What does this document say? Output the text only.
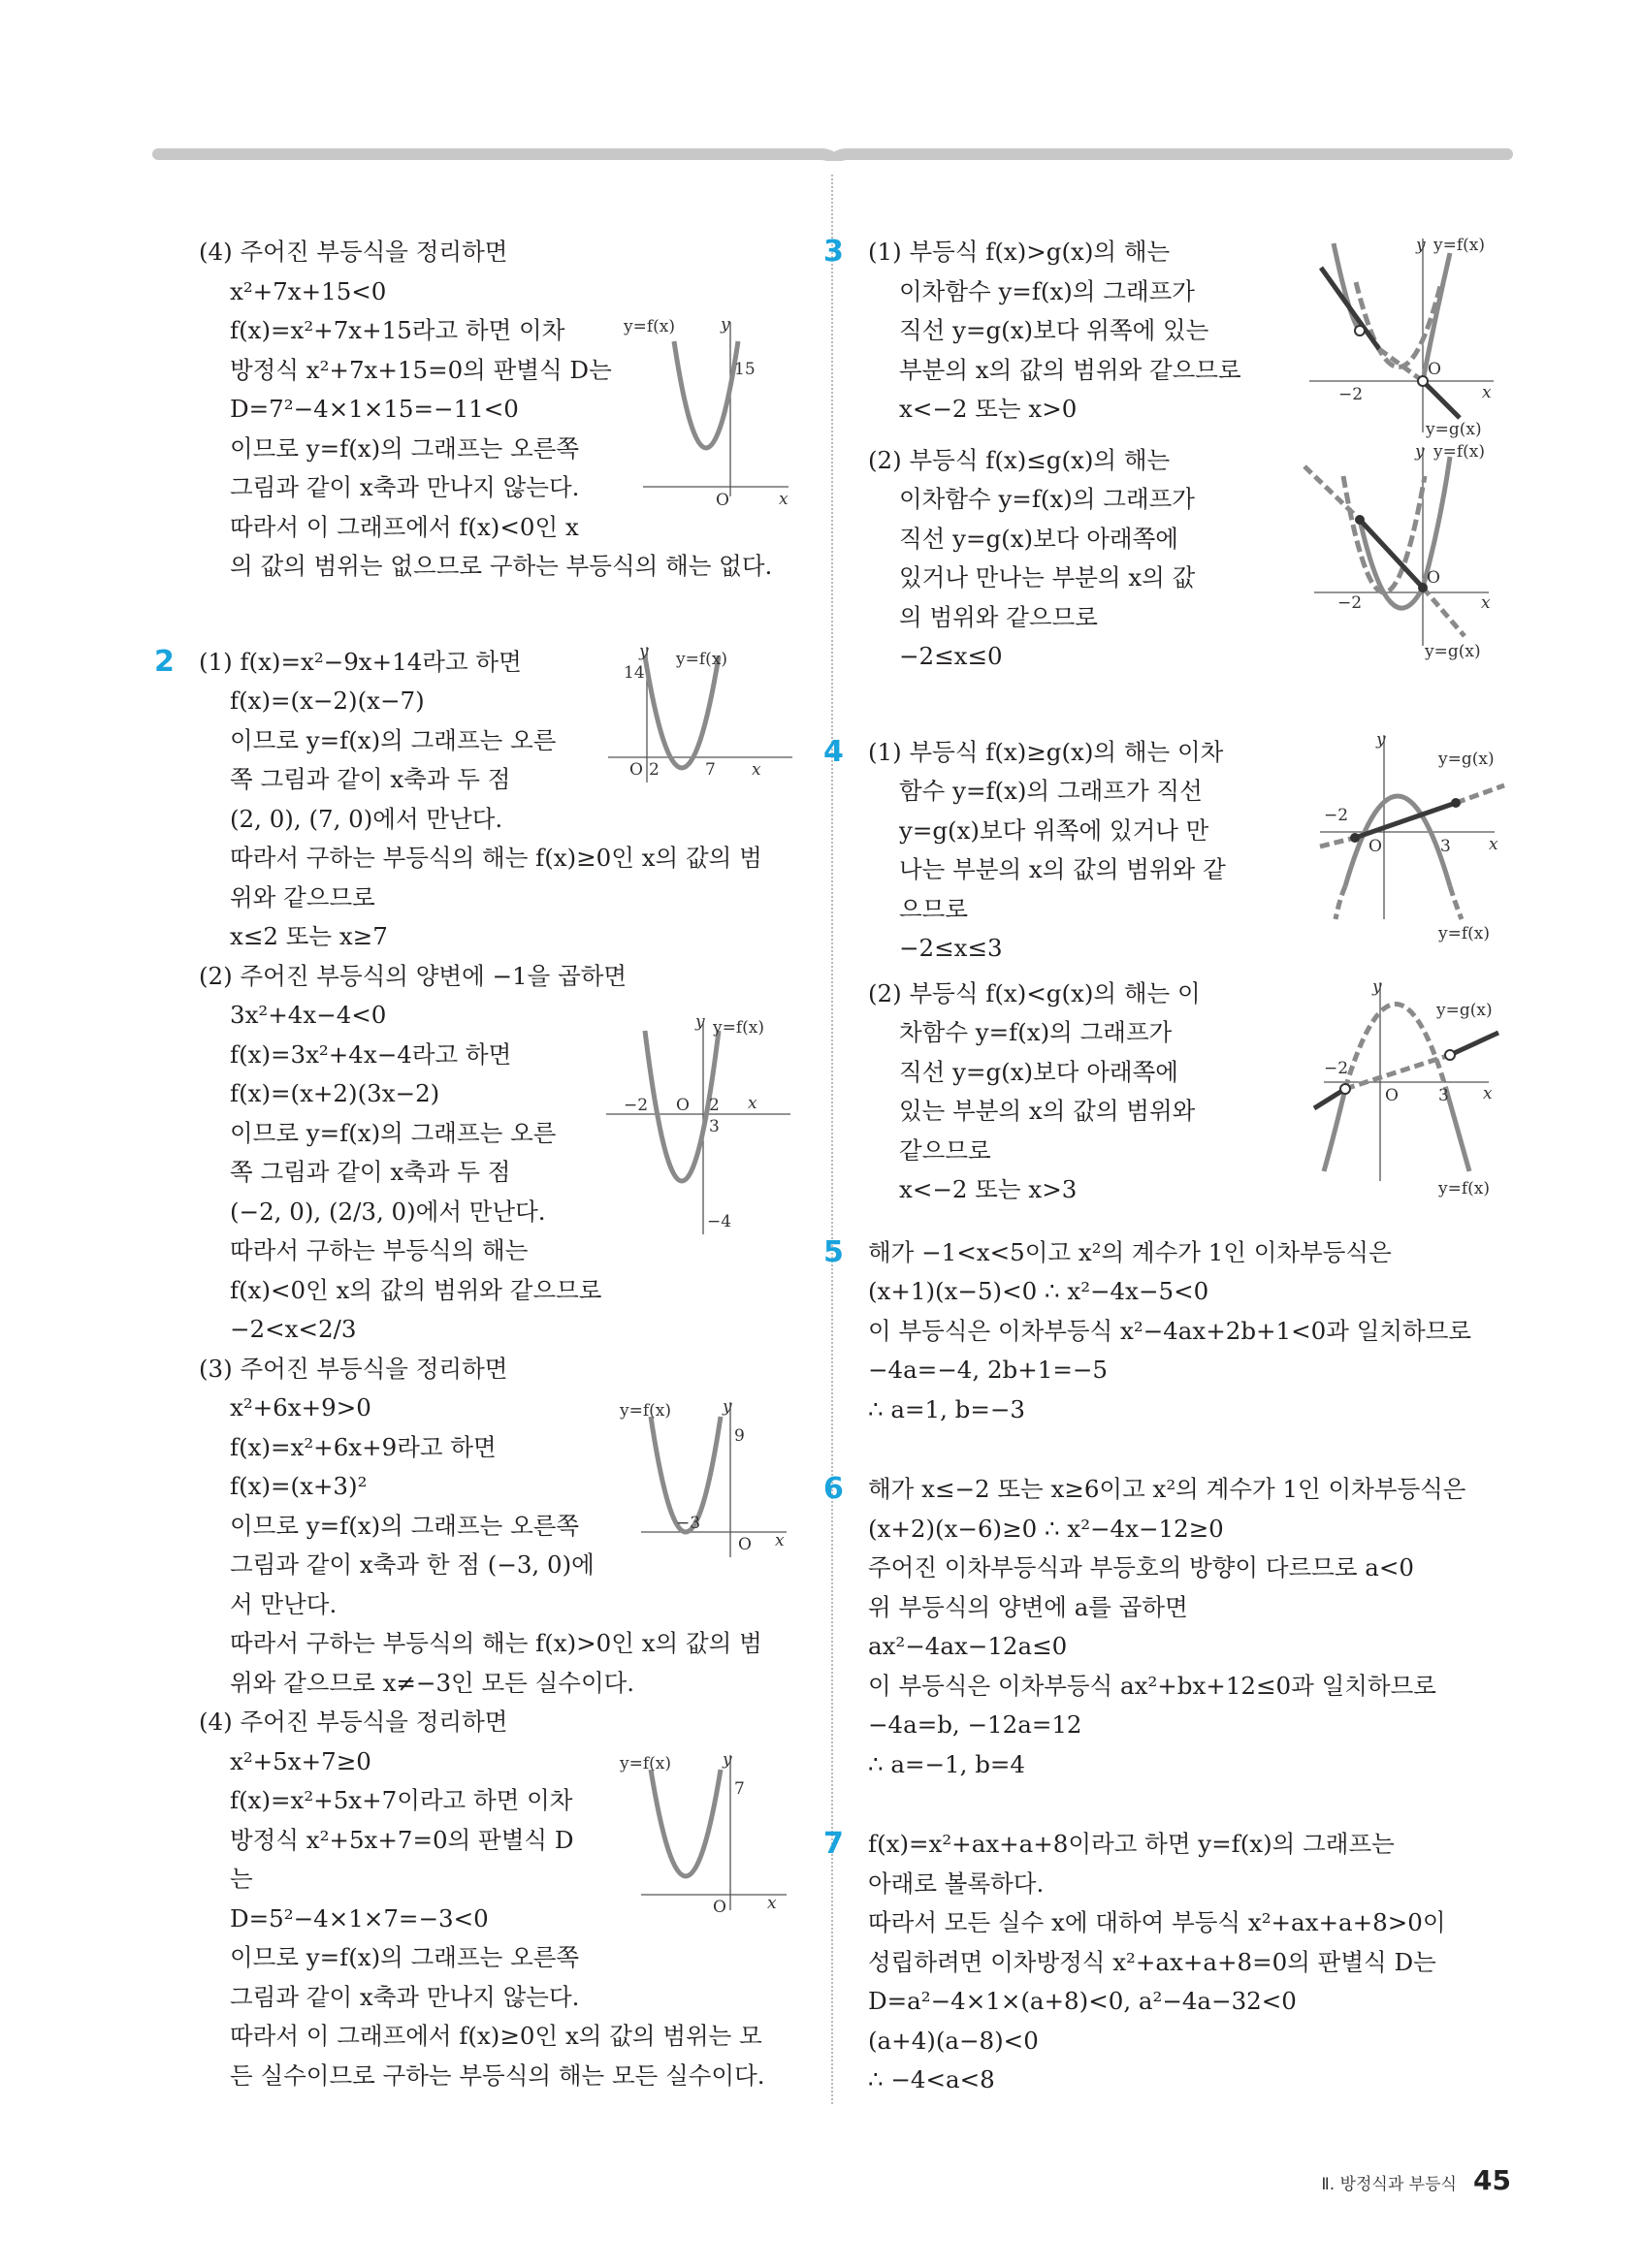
(4) 주어진 부등식을 정리하면
x²+7x+15<0
f(x)=x²+7x+15라고 하면 이차
방정식 x²+7x+15=0의 판별식 D는
D=7²−4×1×15=−11<0
이므로 y=f(x)의 그래프는 오른쪽
그림과 같이 x축과 만나지 않는다.
따라서 이 그래프에서 f(x)<0인 x
의 값의 범위는 없으므로 구하는 부등식의 해는 없다.
y=f(x)	y
15
O	x
2 (1) f(x)=x²−9x+14라고 하면
f(x)=(x−2)(x−7)
이므로 y=f(x)의 그래프는 오른
쪽 그림과 같이 x축과 두 점
(2, 0), (7, 0)에서 만난다.
따라서 구하는 부등식의 해는 f(x)≥0인 x의 값의 범
위와 같으므로
x≤2 또는 x≥7
y y=f(x)
14
O 2	7 x
(2) 주어진 부등식의 양변에 −1을 곱하면
3x²+4x−4<0
f(x)=3x²+4x−4라고 하면
f(x)=(x+2)(3x−2)
이므로 y=f(x)의 그래프는 오른
쪽 그림과 같이 x축과 두 점
(−2, 0), (2/3, 0)에서 만난다.
따라서 구하는 부등식의 해는
f(x)<0인 x의 값의 범위와 같으므로
−2<x<2/3
y y=f(x)
−2 O 2
3
x
−4
(3) 주어진 부등식을 정리하면
x²+6x+9>0
f(x)=x²+6x+9라고 하면
f(x)=(x+3)²
이므로 y=f(x)의 그래프는 오른쪽
그림과 같이 x축과 한 점 (−3, 0)에
서 만난다.
따라서 구하는 부등식의 해는 f(x)>0인 x의 값의 범
위와 같으므로 x≠−3인 모든 실수이다.
y=f(x)	y
9
−3
O x
(4) 주어진 부등식을 정리하면
x²+5x+7≥0
f(x)=x²+5x+7이라고 하면 이차
방정식 x²+5x+7=0의 판별식 D
는
D=5²−4×1×7=−3<0
이므로 y=f(x)의 그래프는 오른쪽
그림과 같이 x축과 만나지 않는다.
따라서 이 그래프에서 f(x)≥0인 x의 값의 범위는 모
든 실수이므로 구하는 부등식의 해는 모든 실수이다.
y=f(x)	y
7
O x
3 (1) 부등식 f(x)>g(x)의 해는
이차함수 y=f(x)의 그래프가
직선 y=g(x)보다 위쪽에 있는
부분의 x의 값의 범위와 같으므로
x<−2 또는 x>0
y y=f(x)
−2
O
x
y=g(x)
(2) 부등식 f(x)≤g(x)의 해는
이차함수 y=f(x)의 그래프가
직선 y=g(x)보다 아래쪽에
있거나 만나는 부분의 x의 값
의 범위와 같으므로
−2≤x≤0
y y=f(x)
−2
O
x
y=g(x)
4 (1) 부등식 f(x)≥g(x)의 해는 이차
함수 y=f(x)의 그래프가 직선
y=g(x)보다 위쪽에 있거나 만
나는 부분의 x의 값의 범위와 같
으므로
−2≤x≤3
y
y=g(x)
−2
O	3 x
y=f(x)
(2) 부등식 f(x)<g(x)의 해는 이
차함수 y=f(x)의 그래프가
직선 y=g(x)보다 아래쪽에
있는 부분의 x의 값의 범위와
같으므로
x<−2 또는 x>3
y
y=g(x)
−2
O 3 x
y=f(x)
5 해가 −1<x<5이고 x²의 계수가 1인 이차부등식은
(x+1)(x−5)<0 ∴ x²−4x−5<0
이 부등식은 이차부등식 x²−4ax+2b+1<0과 일치하므로
−4a=−4, 2b+1=−5
∴ a=1, b=−3
6 해가 x≤−2 또는 x≥6이고 x²의 계수가 1인 이차부등식은
(x+2)(x−6)≥0 ∴ x²−4x−12≥0
주어진 이차부등식과 부등호의 방향이 다르므로 a<0
위 부등식의 양변에 a를 곱하면
ax²−4ax−12a≤0
이 부등식은 이차부등식 ax²+bx+12≤0과 일치하므로
−4a=b, −12a=12
∴ a=−1, b=4
7 f(x)=x²+ax+a+8이라고 하면 y=f(x)의 그래프는
아래로 볼록하다.
따라서 모든 실수 x에 대하여 부등식 x²+ax+a+8>0이
성립하려면 이차방정식 x²+ax+a+8=0의 판별식 D는
D=a²−4×1×(a+8)<0, a²−4a−32<0
(a+4)(a−8)<0
∴ −4<a<8
Ⅱ. 방정식과 부등식 45
